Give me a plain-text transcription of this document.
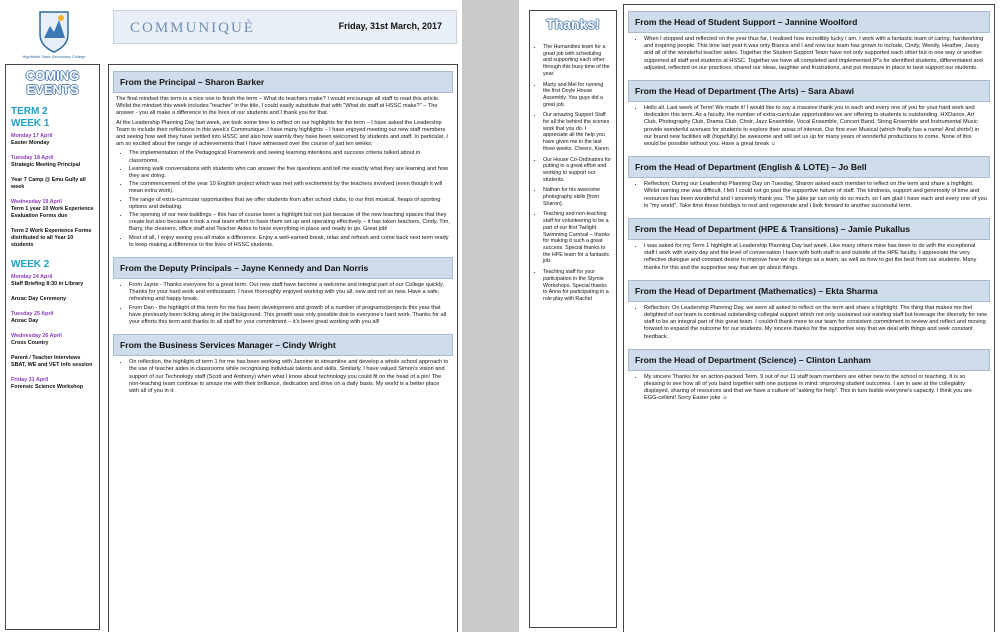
Highfields State Secondary College
COMMUNIQUÈ	Friday, 31st March, 2017
COMING EVENTS
TERM 2
WEEK 1
Monday 17 April
Easter Monday
Tuesday 18 April
Strategic Meeting Principal
Year 7 Camp @ Emu Gully all week
Wednesday 19 April
Term 1 year 10 Work Experience Evaluation Forms due
Term 2 Work Experience Forms distributed to all Year 10 students
WEEK 2
Monday 24 April
Staff Briefing 8:30 in Library
Anzac Day Ceremony
Tuesday 25 April
Anzac Day
Wednesday 26 April
Cross Country
Parent / Teacher Interviews SBAT, WE and VET info session
Friday 31 April
Forensic Science Workshop
From the Principal – Sharon Barker

The final mindset this term is a nice one to finish the term – What do teachers make? I would encourage all staff to read this article. Whilst the mindset this week includes "teacher" in the title, I could easily substitute that with "What do staff at HSSC make?" – The answer - you all make a difference to the lives of our students and I thank you for that.

At the Leadership Planning Day last week, we took some time to reflect on our highlights for the term – I have asked the Leadership Team to include their reflections in this week's Communique. I have many highlights – I have enjoyed meeting our new staff members and seeing how well they have settled into HSSC and also how warmly they have been welcomed by students and staff. In particular, I am so excited about the range of achievements that I have witnessed over the course of just ten weeks:

• The implementation of the Pedagogical Framework and seeing learning intentions and success criteria talked about in classrooms.
• Learning walk conversations with students who can answer the five questions and tell me exactly what they are learning and how they are doing.
• The commencement of the year 10 English project which was met with excitement by the teachers involved (even though it will mean extra work).
• The range of extra-curricular opportunities that we offer students from after school clubs, to our first musical, heaps of sporting options and debating.
• The opening of our new buildings – this has of course been a highlight but not just because of the new teaching spaces that they create but also because it took a real team effort to have them set up and operating effectively – it has taken teachers, Cindy, Tim, Barry, the cleaners, office staff and Teacher Aides to have everything in place and ready to go. Great job!
• Most of all, I enjoy seeing you all make a difference. Enjoy a well-earned break, relax and refresh and come back next term ready to keep making a difference to the lives of HSSC students.
From the Deputy Principals – Jayne Kennedy and Dan Norris
• From Jayne - Thanks everyone for a great term. Our new staff have become a welcome and integral part of our College quickly. Thanks for your hard work and enthusiasm. I have thoroughly enjoyed working with you all, new and not so new. Have a safe, refreshing and happy break.
• From Dan - the highlight of this term for me has been development and growth of a number of programs/projects this year that have previously been ticking along in the background. This growth was only possible due to everyone's hard work. Thanks for all your efforts this term and thanks to all staff for your commitment – it's been great working with you all!
From the Business Services Manager – Cindy Wright
• On reflection, the highlight of term 1 for me has been working with Jannine to streamline and develop a whole school approach to the use of teacher aides in classrooms while recognising individual talents and skills. Similarly, I have valued Simon's vision and support of our Technology staff (Scott and Anthony) when what I know about technology you could fit on the head of a pin! The non-teaching team continue to amaze me with their brilliance, dedication and drive on a daily basis. My world is a better place with all of you in it.
Thanks!
• The Humanities team for a great job with scheduling and supporting each other through this busy time of the year.
• Marty and Mel for running the first Doyle House Assembly. You guys did a great job.
• Our amazing Support Staff for all the behind the scenes work that you do. I appreciate all the help you have given me in the last three weeks. Cheers, Karen
• Our House Co-Ordinators for putting in a great effort and working to support our students.
• Nathan for his awesome photography skills [from Sharon].
• Teaching and non-teaching staff for volunteering to be a part of our first Twilight Swimming Carnival – thanks for making it such a great success. Special thanks to the HPE team for a fantastic job.
• Teaching staff for your participation in the Stymie Workshops. Special thanks to Anna for participating in a role play with Rachel
From the Head of Student Support – Jannine Woolford
• When I stopped and reflected on the year thus far, I realised how incredibly lucky I am. I work with a fantastic team of caring, hardworking and inspiring people. This time last year it was only Bianca and I and now our team has grown to include, Cindy, Wendy, Heather, Jacey and all of the wonderful teacher aides. Together the Student Support Team have not only supported each other but in one way or another supported all staff and students at HSSC. Together we have all completed and implemented IP's for identified students, differentiated and adjusted, reflected on our practices, shared our ideas, laughter and frustrations, and put measure in place to best support our students.
From the Head of Department (The Arts) – Sara Abawi
• Hello all. Last week of Term! We made it! I would like to say a massive thank you to each and every one of you for your hard work and dedication this term. As a faculty, the number of extra-curricular opportunities we are offering to students is outstanding. HXDance, Art Club, Photography Club, Drama Club, Choir, Jazz Ensemble, Vocal Ensemble, Concert Band, String Ensemble and Instrumental Music provide wonderful avenues for students to explore their areas of interest. Our first ever Musical (which finally has a name! And shirts!) in our brand new facilities will (hopefully) be awesome and will set us up for many years of wonderful productions to come. None of this would be possible without you. Have a great break ☺
From the Head of Department (English & LOTE) – Jo Bell
• Reflection: During our Leadership Planning Day on Tuesday, Sharon asked each member to reflect on the term and share a highlight. Whilst naming one was difficult, I felt I could not go past the supportive nature of staff. The kindness, support and generosity of time and resources has been wonderful and I sincerely thank you. The jubie jar can only do so much, so I am glad I have each and every one of you in "my world". Take time these holidays to rest and regenerate and I look forward to another successful term.
From the Head of Department (HPE & Transitions) – Jamie Pukallus
• I was asked for my Term 1 highlight at Leadership Planning Day last week. Like many others mine has been to do with the exceptional staff I work with every day and the level of conversation I have with both staff in and outside of the HPE faculty. I appreciate the very reflective dialogue and constant desire to improve how we do things as a team, as well as how to get the best from our students. Many thanks for this and the supportive way that we go about things.
From the Head of Department (Mathematics) – Ekta Sharma
• Reflection: On Leadership Planning Day, we were all asked to reflect on the term and share a highlight. The thing that makes me feel delighted of our team is continual outstanding collegial support which not only sustained our existing staff but leverage the diversity for new staff to be an integral part of this great team. I couldn't thank more to our team for consistent commitment to review and reflect and moving forward to expand the outcome for our students. My sincere thanks for the supportive way that we deal with things and seek constant feedback.
From the Head of Department (Science) – Clinton Lanham
• My sincere Thanks for an action-packed Term. 9 out of our 11 staff team members are either new to the school or teaching. It is so pleasing to see how all of you band together with one purpose in mind: improving student outcomes. I am in awe at the collegiality displayed, sharing of resources and that we have a culture of "asking for help". This in turn builds everyone's capacity. I think you are EGG-cellent! Sorry Easter joke ☺
